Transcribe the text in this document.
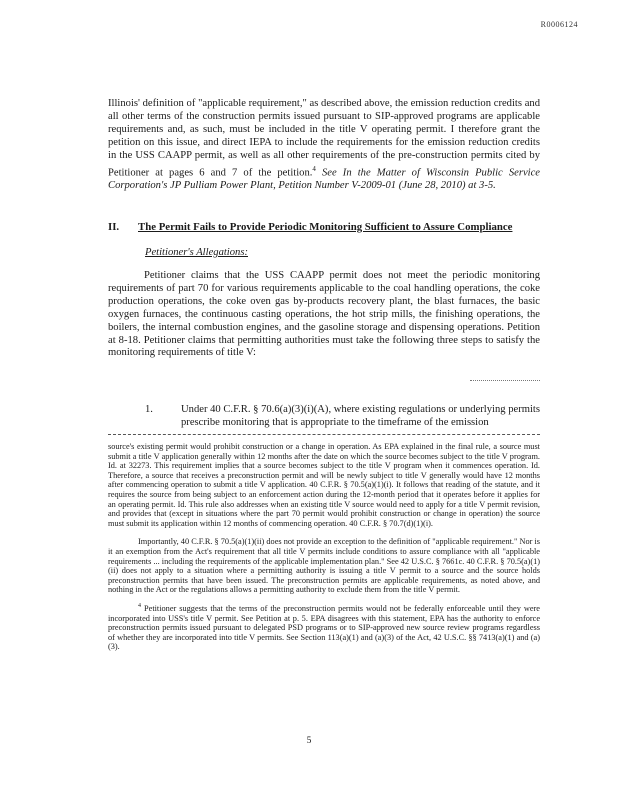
R0006124

Illinois' definition of "applicable requirement," as described above, the emission reduction credits and all other terms of the construction permits issued pursuant to SIP-approved programs are applicable requirements and, as such, must be included in the title V operating permit. I therefore grant the petition on this issue, and direct IEPA to include the requirements for the emission reduction credits in the USS CAAPP permit, as well as all other requirements of the pre-construction permits cited by Petitioner at pages 6 and 7 of the petition.$^4$ See In the Matter of Wisconsin Public Service Corporation's JP Pulliam Power Plant, Petition Number V-2009-01 (June 28, 2010) at 3-5.

II. The Permit Fails to Provide Periodic Monitoring Sufficient to Assure Compliance
Petitioner's Allegations:
Petitioner claims that the USS CAAPP permit does not meet the periodic monitoring requirements of part 70 for various requirements applicable to the coal handling operations, the coke production operations, the coke oven gas by-products recovery plant, the blast furnaces, the basic oxygen furnaces, the continuous casting operations, the hot strip mills, the finishing operations, the boilers, the internal combustion engines, and the gasoline storage and dispensing operations. Petition at 8-18. Petitioner claims that permitting authorities must take the following three steps to satisfy the monitoring requirements of title V:
1.	Under 40 C.F.R. § 70.6(a)(3)(i)(A), where existing regulations or underlying permits prescribe monitoring that is appropriate to the timeframe of the emission

source's existing permit would prohibit construction or a change in operation. As EPA explained in the final rule, a source must submit a title V application generally within 12 months after the date on which the source becomes subject to the title V program. Id. at 32273. This requirement implies that a source becomes subject to the title V program when it commences operation. Id. Therefore, a source that receives a preconstruction permit and will be newly subject to title V generally would have 12 months after commencing operation to submit a title V application. 40 C.F.R. § 70.5(a)(1)(i). It follows that reading of the statute, and it requires the source from being subject to an enforcement action during the 12-month period that it operates before it applies for an operating permit. Id. This rule also addresses when an existing title V source would need to apply for a title V permit revision, and provides that (except in situations where the part 70 permit would prohibit construction or change in operation) the source must submit its application within 12 months of commencing operation. 40 C.F.R. § 70.7(d)(1)(i).

Importantly, 40 C.F.R. § 70.5(a)(1)(ii) does not provide an exception to the definition of "applicable requirement." Nor is it an exemption from the Act's requirement that all title V permits include conditions to assure compliance with all "applicable requirements ... including the requirements of the applicable implementation plan." See 42 U.S.C. § 7661c. 40 C.F.R. § 70.5(a)(1)(ii) does not apply to a situation where a permitting authority is issuing a title V permit to a source and the source holds preconstruction permits that have been issued. The preconstruction permits are applicable requirements, as noted above, and nothing in the Act or the regulations allows a permitting authority to exclude them from the title V permit.

$^4$ Petitioner suggests that the terms of the preconstruction permits would not be federally enforceable until they were incorporated into USS's title V permit. See Petition at p. 5. EPA disagrees with this statement, EPA has the authority to enforce preconstruction permits issued pursuant to delegated PSD programs or to SIP-approved new source review programs regardless of whether they are incorporated into title V permits. See Section 113(a)(1) and (a)(3) of the Act, 42 U.S.C. §§ 7413(a)(1) and (a)(3).

5
